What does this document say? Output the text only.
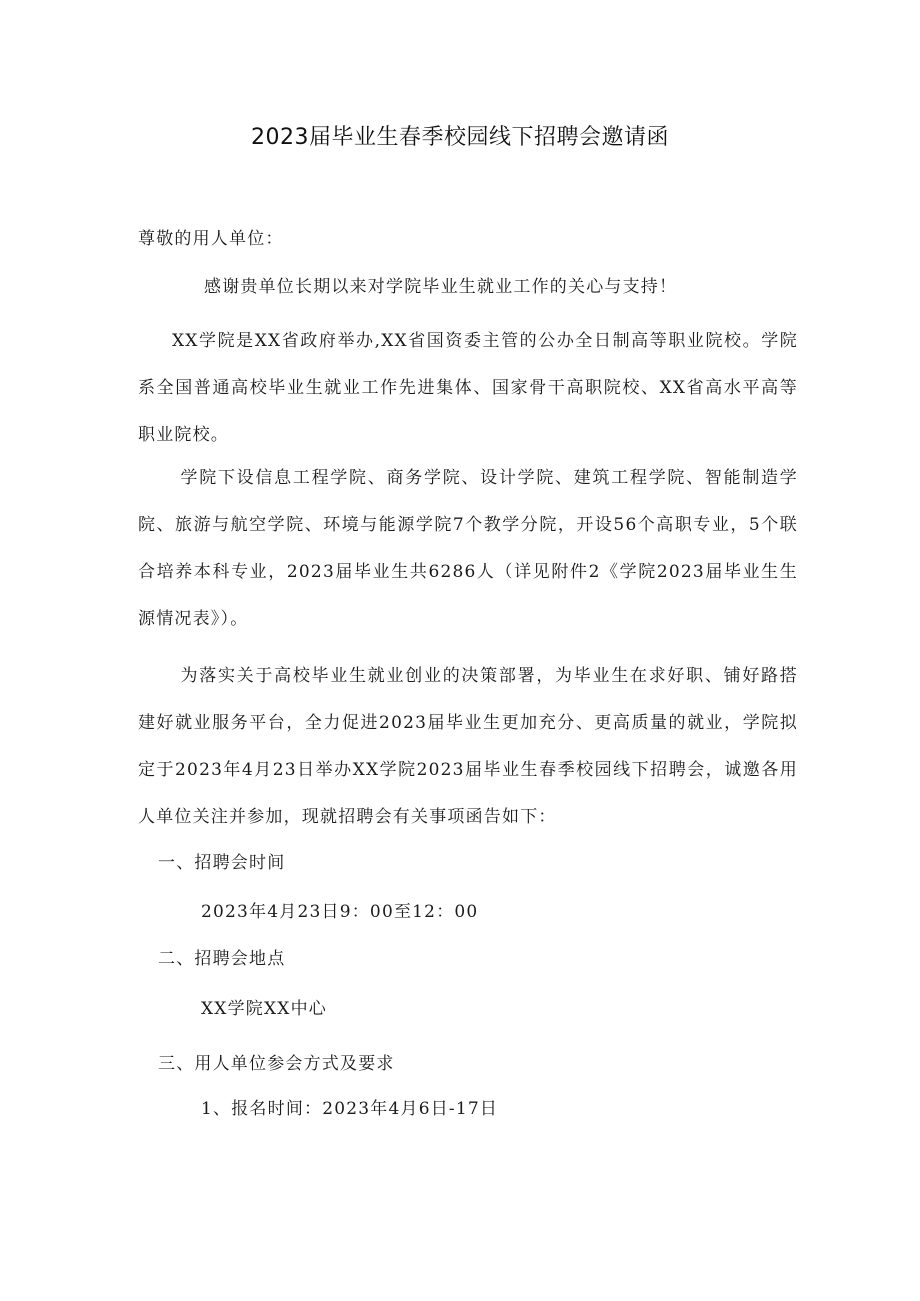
2023届毕业生春季校园线下招聘会邀请函
尊敬的用人单位：
感谢贵单位长期以来对学院毕业生就业工作的关心与支持！

XX学院是XX省政府举办,XX省国资委主管的公办全日制高等职业院校。学院系全国普通高校毕业生就业工作先进集体、国家骨干高职院校、XX省高水平高等职业院校。

学院下设信息工程学院、商务学院、设计学院、建筑工程学院、智能制造学院、旅游与航空学院、环境与能源学院7个教学分院，开设56个高职专业，5个联合培养本科专业，2023届毕业生共6286人（详见附件2《学院2023届毕业生生源情况表》）。

为落实关于高校毕业生就业创业的决策部署，为毕业生在求好职、铺好路搭建好就业服务平台，全力促进2023届毕业生更加充分、更高质量的就业，学院拟定于2023年4月23日举办XX学院2023届毕业生春季校园线下招聘会，诚邀各用人单位关注并参加，现就招聘会有关事项函告如下：

一、招聘会时间
2023年4月23日9：00至12：00
二、招聘会地点
XX学院XX中心
三、用人单位参会方式及要求
1、报名时间：2023年4月6日-17日
